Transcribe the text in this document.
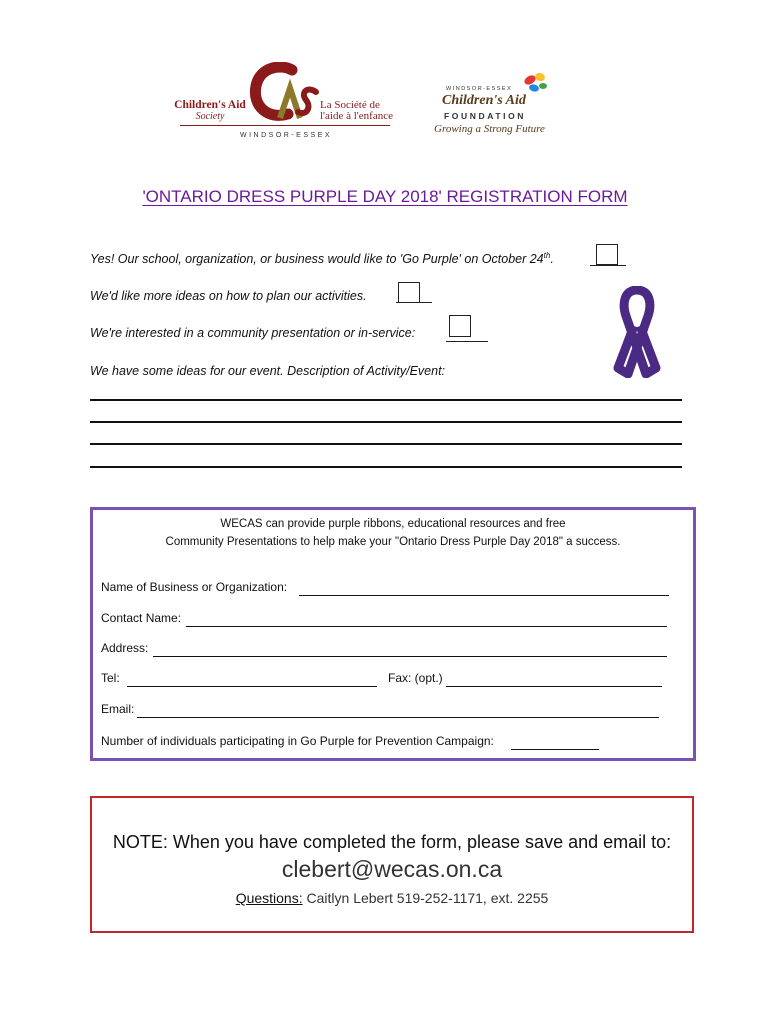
Children's Aid
Society
La Société de
l'aide à l'enfance
WINDSOR-ESSEX
WINDSOR-ESSEX
Children's Aid
FOUNDATION
Growing a Strong Future
'ONTARIO DRESS PURPLE DAY 2018' REGISTRATION FORM
Yes! Our school, organization, or business would like to 'Go Purple' on October 24th.
We'd like more ideas on how to plan our activities.
We're interested in a community presentation or in-service:
We have some ideas for our event. Description of Activity/Event:
WECAS can provide purple ribbons, educational resources and free
Community Presentations to help make your "Ontario Dress Purple Day 2018" a success.
Name of Business or Organization:
Contact Name:
Address:
Tel:	Fax: (opt.)
Email:
Number of individuals participating in Go Purple for Prevention Campaign:
NOTE: When you have completed the form, please save and email to:
clebert@wecas.on.ca
Questions: Caitlyn Lebert 519-252-1171, ext. 2255
